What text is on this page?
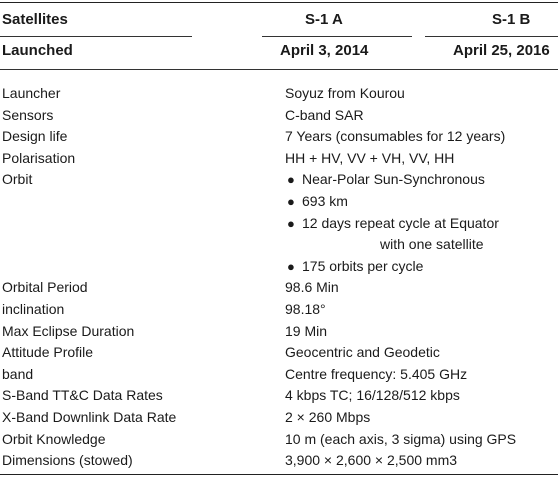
Satellites	S-1 A	S-1 B
Launched	April 3, 2014	April 25, 2016
Launcher	Soyuz from Kourou
Sensors	C-band SAR
Design life	7 Years (consumables for 12 years)
Polarisation	HH + HV, VV + VH, VV, HH
Orbit	● Near-Polar Sun-Synchronous
● 693 km
● 12 days repeat cycle at Equator
with one satellite
● 175 orbits per cycle
Orbital Period	98.6 Min
inclination	98.18°
Max Eclipse Duration	19 Min
Attitude Profile	Geocentric and Geodetic
band	Centre frequency: 5.405 GHz
S-Band TT&C Data Rates	4 kbps TC; 16/128/512 kbps
X-Band Downlink Data Rate	2 × 260 Mbps
Orbit Knowledge	10 m (each axis, 3 sigma) using GPS
Dimensions (stowed)	3,900 × 2,600 × 2,500 mm3
